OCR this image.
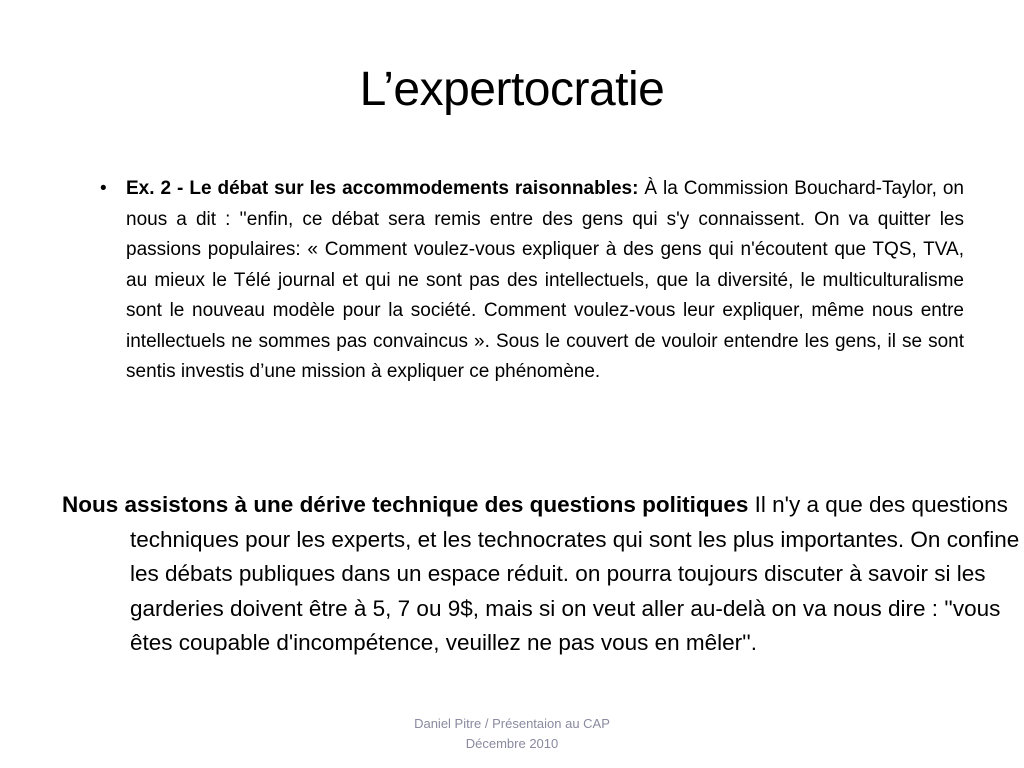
L’expertocratie
• Ex. 2 - Le débat sur les accommodements raisonnables: À la Commission Bouchard-Taylor, on nous a dit : ''enfin, ce débat sera remis entre des gens qui s'y connaissent. On va quitter les passions populaires: « Comment voulez-vous expliquer à des gens qui n'écoutent que TQS, TVA, au mieux le Télé journal et qui ne sont pas des intellectuels, que la diversité, le multiculturalisme sont le nouveau modèle pour la société. Comment voulez-vous leur expliquer, même nous entre intellectuels ne sommes pas convaincus ». Sous le couvert de vouloir entendre les gens, il se sont sentis investis d’une mission à expliquer ce phénomène.
Nous assistons à une dérive technique des questions politiques Il n'y a que des questions techniques pour les experts, et les technocrates qui sont les plus importantes. On confine les débats publiques dans un espace réduit. on pourra toujours discuter à savoir si les garderies doivent être à 5, 7 ou 9$, mais si on veut aller au-delà on va nous dire : ''vous êtes coupable d'incompétence, veuillez ne pas vous en mêler''.
Daniel Pitre / Présentaion au CAP
Décembre 2010
